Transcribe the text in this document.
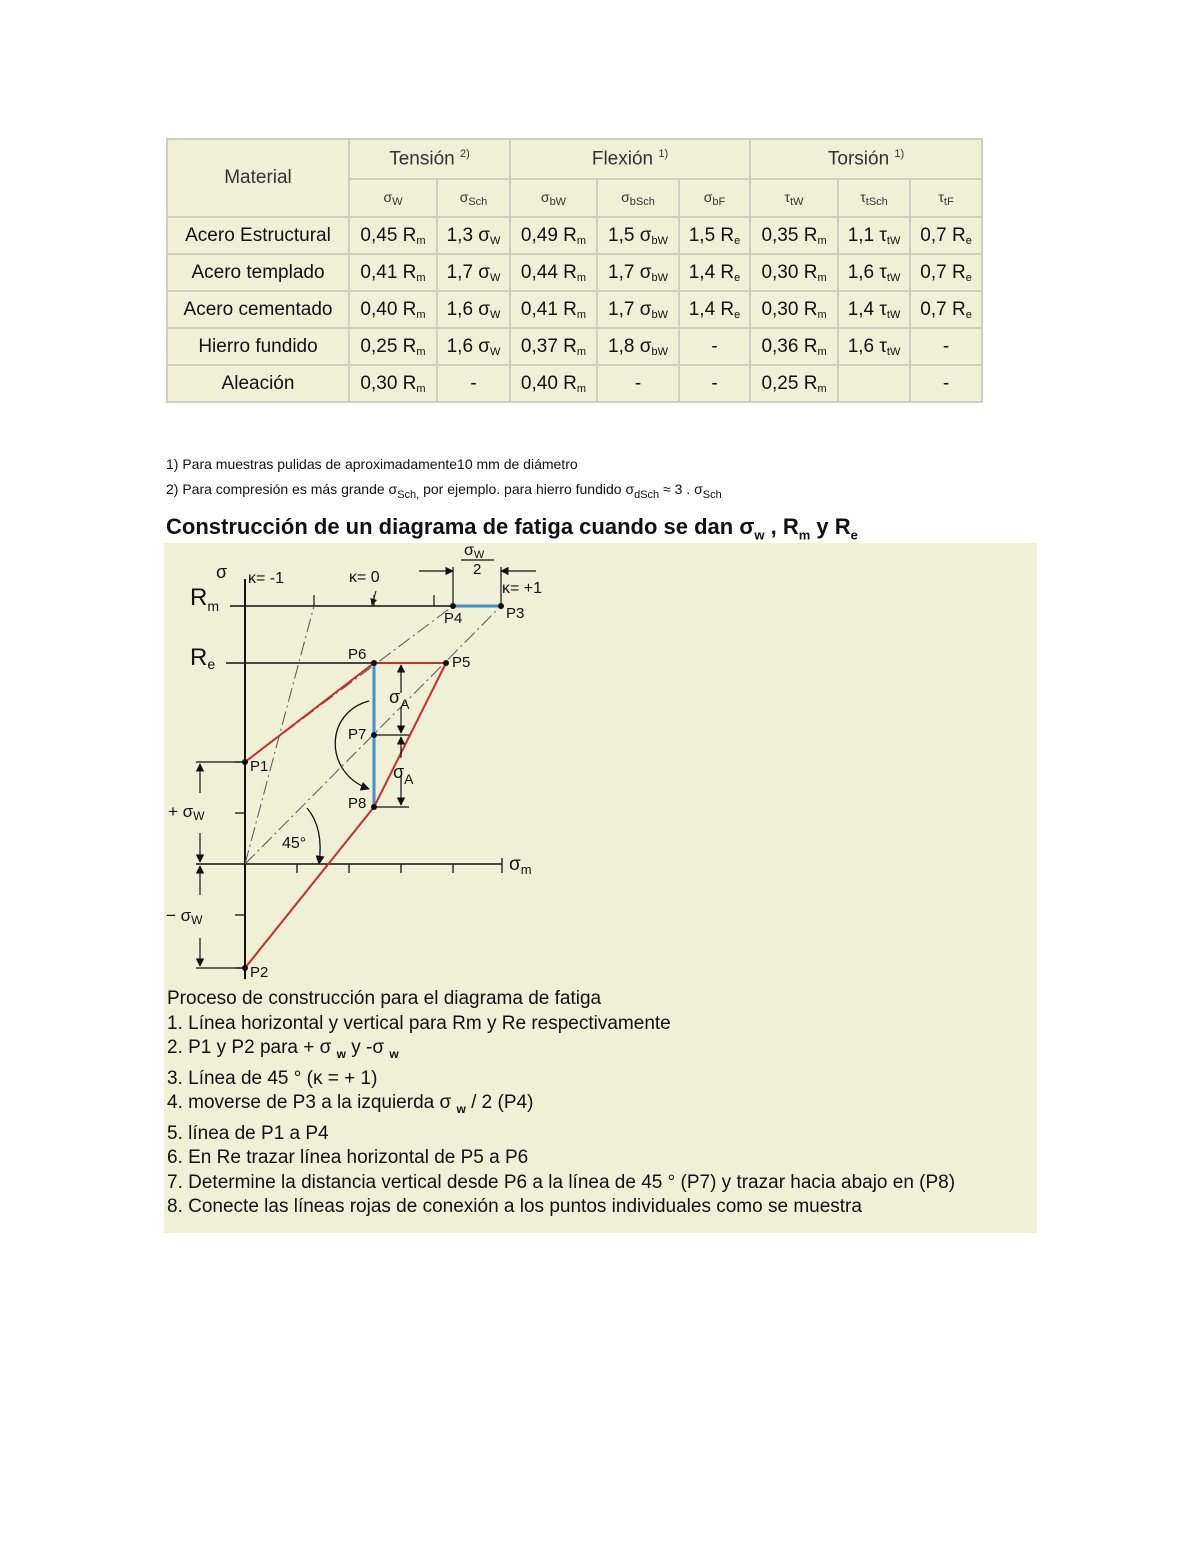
Material	Tensión $^{2)}$		Flexión $^{1)}$			Torsión $^{1)}$
	$\sigma_W$	$\sigma_{Sch}$	$\sigma_{bW}$	$\sigma_{bSch}$	$\sigma_{bF}$	$\tau_{tW}$	$\tau_{tSch}$	$\tau_{tF}$
Acero Estructural	0,45 $R_m$	1,3 $\sigma_W$	0,49 $R_m$	1,5 $\sigma_{bW}$	1,5 $R_e$	0,35 $R_m$	1,1 $\tau_{tW}$	0,7 $R_e$
Acero templado	0,41 $R_m$	1,7 $\sigma_W$	0,44 $R_m$	1,7 $\sigma_{bW}$	1,4 $R_e$	0,30 $R_m$	1,6 $\tau_{tW}$	0,7 $R_e$
Acero cementado	0,40 $R_m$	1,6 $\sigma_W$	0,41 $R_m$	1,7 $\sigma_{bW}$	1,4 $R_e$	0,30 $R_m$	1,4 $\tau_{tW}$	0,7 $R_e$
Hierro fundido	0,25 $R_m$	1,6 $\sigma_W$	0,37 $R_m$	1,8 $\sigma_{bW}$	-	0,36 $R_m$	1,6 $\tau_{tW}$	-
Aleación	0,30 $R_m$	-	0,40 $R_m$	-	-	0,25 $R_m$		-
1) Para muestras pulidas de aproximadamente10 mm de diámetro
2) Para compresión es más grande $\sigma_{Sch,}$ por ejemplo. para hierro fundido $\sigma_{dSch} \approx 3$ . $\sigma_{Sch}$
Construcción de un diagrama de fatiga cuando se dan $\sigma_w$ , $R_m$ y $R_e$
σ
$R_m$
Re
κ= -1	κ= 0
κ= +1
σW
2
P1
P2
P3
P4
P5
P6
P7
P8
$\sigma_A$
$\sigma_A$
+ σW
− σW
45°
$\sigma_m$
Proceso de construcción para el diagrama de fatiga
1. Línea horizontal y vertical para Rm y Re respectivamente
2. P1 y P2 para + σ $_w$ y -σ $_w$
3. Línea de 45 ° (κ = + 1)
4. moverse de P3 a la izquierda σ $_w$ / 2 (P4)
5. línea de P1 a P4
6. En Re trazar línea horizontal de P5 a P6
7. Determine la distancia vertical desde P6 a la línea de 45 ° (P7) y trazar hacia abajo en (P8)
8. Conecte las líneas rojas de conexión a los puntos individuales como se muestra
